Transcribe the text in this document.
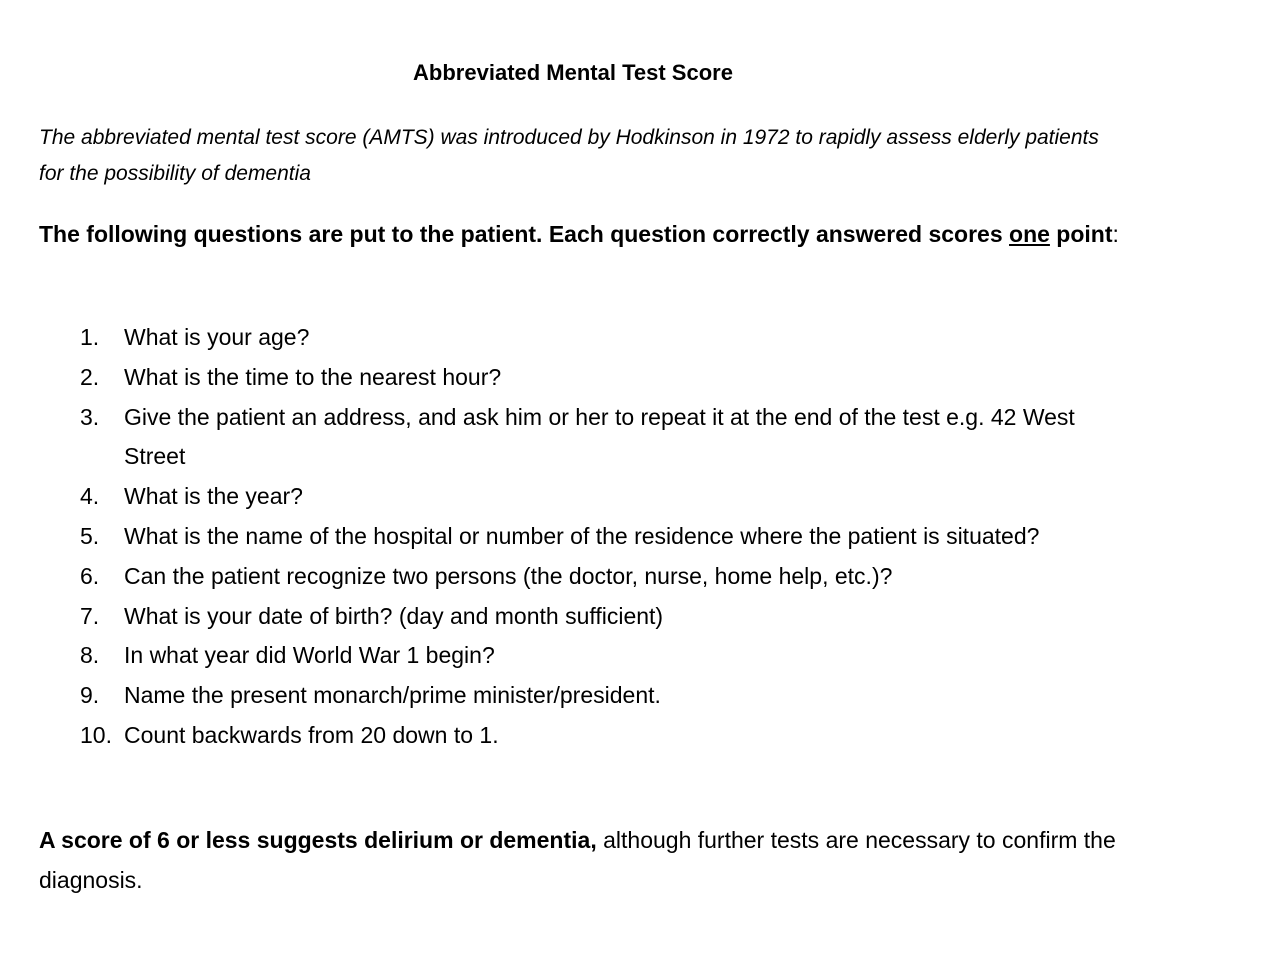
Abbreviated Mental Test Score

The abbreviated mental test score (AMTS) was introduced by Hodkinson in 1972 to rapidly assess elderly patients for the possibility of dementia

The following questions are put to the patient. Each question correctly answered scores one point:

1. What is your age?
2. What is the time to the nearest hour?
3. Give the patient an address, and ask him or her to repeat it at the end of the test e.g. 42 West Street
4. What is the year?
5. What is the name of the hospital or number of the residence where the patient is situated?
6. Can the patient recognize two persons (the doctor, nurse, home help, etc.)?
7. What is your date of birth? (day and month sufficient)
8. In what year did World War 1 begin?
9. Name the present monarch/prime minister/president.
10. Count backwards from 20 down to 1.

A score of 6 or less suggests delirium or dementia, although further tests are necessary to confirm the diagnosis.
